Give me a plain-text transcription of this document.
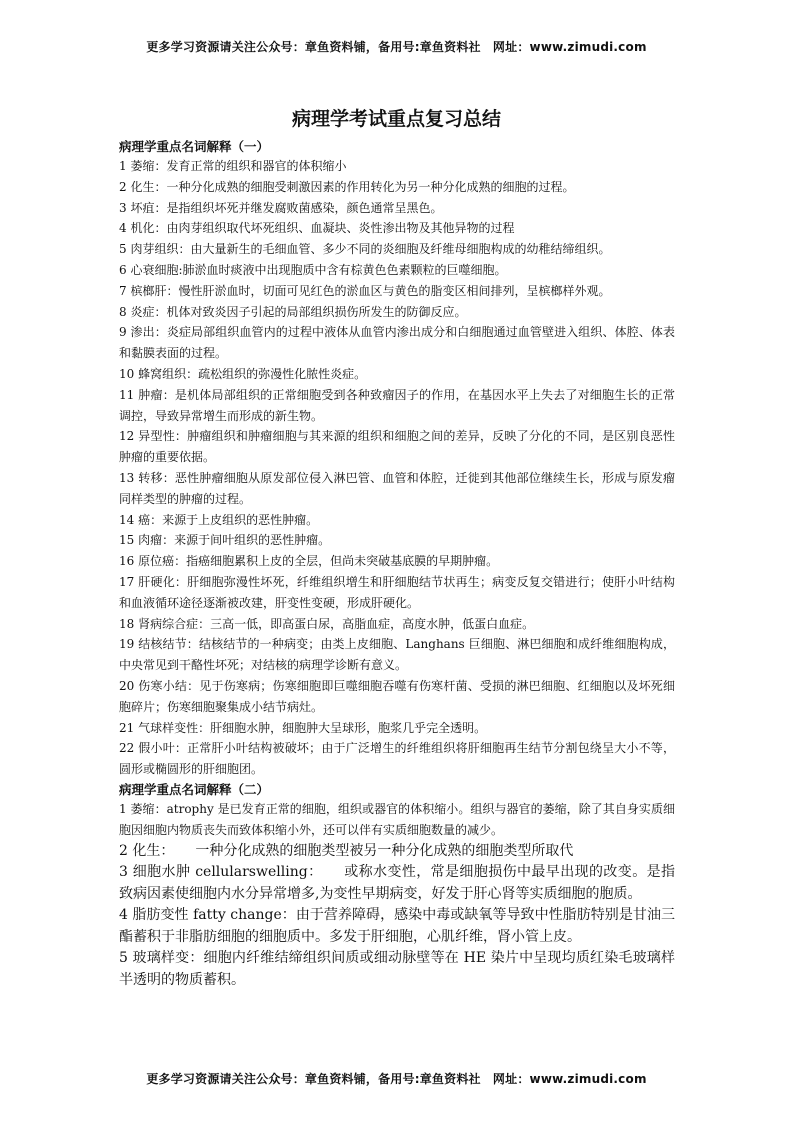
更多学习资源请关注公众号：章鱼资料铺，备用号:章鱼资料社　网址：www.zimudi.com
病理学考试重点复习总结
病理学重点名词解释（一）
1 萎缩：发育正常的组织和器官的体积缩小
2 化生：一种分化成熟的细胞受刺激因素的作用转化为另一种分化成熟的细胞的过程。
3 坏疽：是指组织坏死并继发腐败菌感染，颜色通常呈黑色。
4 机化：由肉芽组织取代坏死组织、血凝块、炎性渗出物及其他异物的过程
5 肉芽组织：由大量新生的毛细血管、多少不同的炎细胞及纤维母细胞构成的幼稚结缔组织。
6 心衰细胞:肺淤血时痰液中出现胞质中含有棕黄色色素颗粒的巨噬细胞。
7 槟榔肝：慢性肝淤血时，切面可见红色的淤血区与黄色的脂变区相间排列，呈槟榔样外观。
8 炎症：机体对致炎因子引起的局部组织损伤所发生的防御反应。
9 渗出：炎症局部组织血管内的过程中液体从血管内渗出成分和白细胞通过血管壁进入组织、体腔、体表和黏膜表面的过程。
10 蜂窝组织：疏松组织的弥漫性化脓性炎症。
11 肿瘤：是机体局部组织的正常细胞受到各种致瘤因子的作用，在基因水平上失去了对细胞生长的正常调控，导致异常增生而形成的新生物。
12 异型性：肿瘤组织和肿瘤细胞与其来源的组织和细胞之间的差异，反映了分化的不同，是区别良恶性肿瘤的重要依据。
13 转移：恶性肿瘤细胞从原发部位侵入淋巴管、血管和体腔，迁徙到其他部位继续生长，形成与原发瘤同样类型的肿瘤的过程。
14 癌：来源于上皮组织的恶性肿瘤。
15 肉瘤：来源于间叶组织的恶性肿瘤。
16 原位癌：指癌细胞累积上皮的全层，但尚未突破基底膜的早期肿瘤。
17 肝硬化：肝细胞弥漫性坏死，纤维组织增生和肝细胞结节状再生；病变反复交错进行；使肝小叶结构和血液循环途径逐渐被改建，肝变性变硬，形成肝硬化。
18 肾病综合症：三高一低，即高蛋白尿，高脂血症，高度水肿，低蛋白血症。
19 结核结节：结核结节的一种病变；由类上皮细胞、Langhans 巨细胞、淋巴细胞和成纤维细胞构成，中央常见到干酪性坏死；对结核的病理学诊断有意义。
20 伤寒小结：见于伤寒病；伤寒细胞即巨噬细胞吞噬有伤寒杆菌、受损的淋巴细胞、红细胞以及坏死细胞碎片；伤寒细胞聚集成小结节病灶。
21 气球样变性：肝细胞水肿，细胞肿大呈球形，胞浆几乎完全透明。
22 假小叶：正常肝小叶结构被破坏；由于广泛增生的纤维组织将肝细胞再生结节分割包绕呈大小不等，圆形或椭圆形的肝细胞团。
病理学重点名词解释（二）
1 萎缩：atrophy 是已发育正常的细胞，组织或器官的体积缩小。组织与器官的萎缩，除了其自身实质细胞因细胞内物质丧失而致体积缩小外，还可以伴有实质细胞数量的减少。
2 化生：　　一种分化成熟的细胞类型被另一种分化成熟的细胞类型所取代
3 细胞水肿 cellularswelling：　　或称水变性，常是细胞损伤中最早出现的改变。是指致病因素使细胞内水分异常增多,为变性早期病变，好发于肝心肾等实质细胞的胞质。
4 脂肪变性 fatty change：由于营养障碍，感染中毒或缺氧等导致中性脂肪特别是甘油三酯蓄积于非脂肪细胞的细胞质中。多发于肝细胞，心肌纤维，肾小管上皮。
5 玻璃样变：细胞内纤维结缔组织间质或细动脉壁等在 HE 染片中呈现均质红染毛玻璃样半透明的物质蓄积。
更多学习资源请关注公众号：章鱼资料铺，备用号:章鱼资料社　网址：www.zimudi.com
